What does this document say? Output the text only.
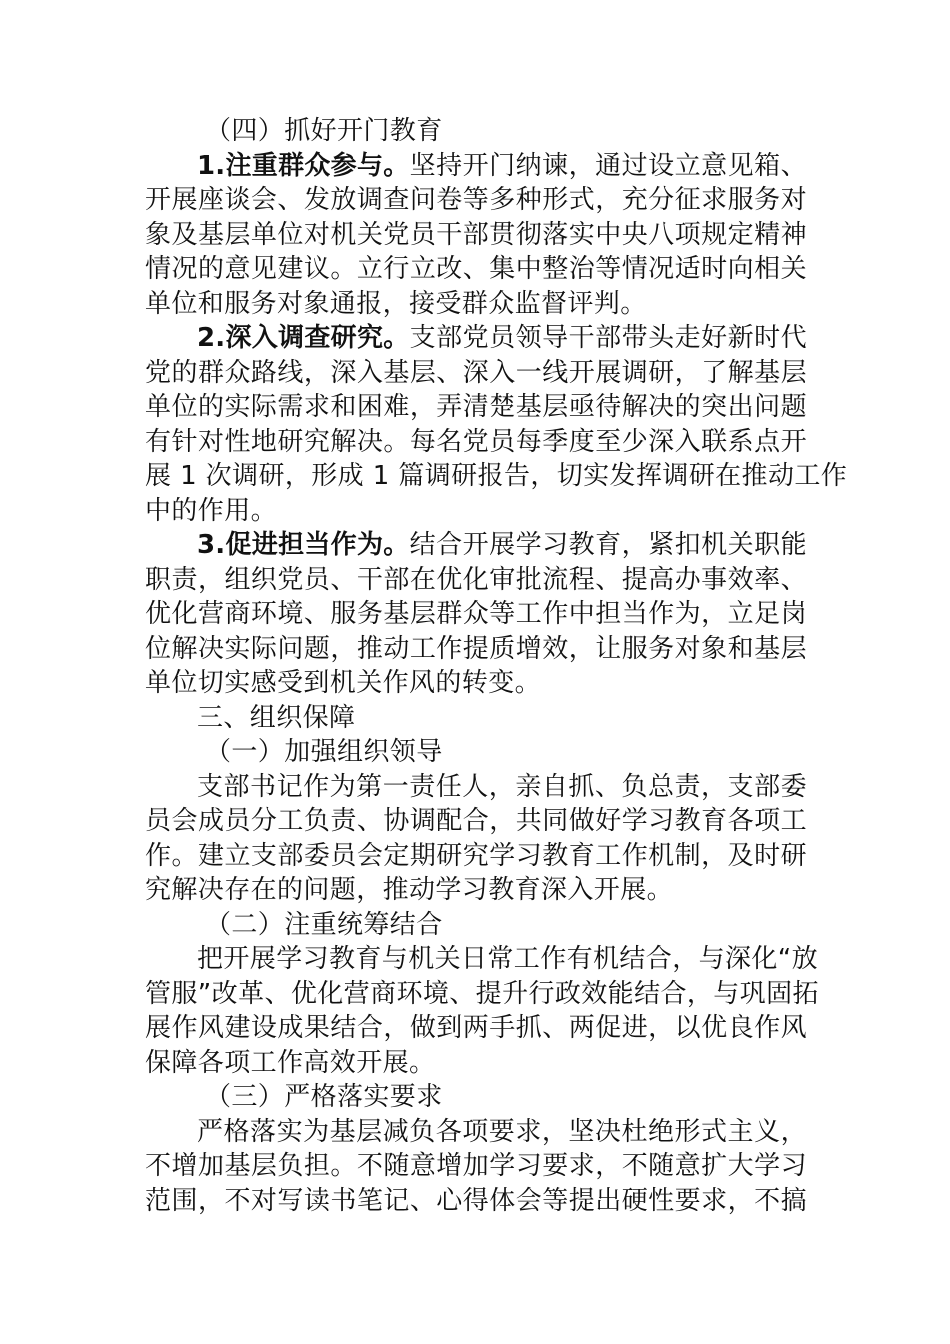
（四）抓好开门教育
1.注重群众参与。坚持开门纳谏，通过设立意见箱、
开展座谈会、发放调查问卷等多种形式，充分征求服务对
象及基层单位对机关党员干部贯彻落实中央八项规定精神
情况的意见建议。立行立改、集中整治等情况适时向相关
单位和服务对象通报，接受群众监督评判。
2.深入调查研究。支部党员领导干部带头走好新时代
党的群众路线，深入基层、深入一线开展调研，了解基层
单位的实际需求和困难，弄清楚基层亟待解决的突出问题
有针对性地研究解决。每名党员每季度至少深入联系点开
展 1 次调研，形成 1 篇调研报告，切实发挥调研在推动工作
中的作用。
3.促进担当作为。结合开展学习教育，紧扣机关职能
职责，组织党员、干部在优化审批流程、提高办事效率、
优化营商环境、服务基层群众等工作中担当作为，立足岗
位解决实际问题，推动工作提质增效，让服务对象和基层
单位切实感受到机关作风的转变。
三、组织保障
（一）加强组织领导
支部书记作为第一责任人，亲自抓、负总责，支部委
员会成员分工负责、协调配合，共同做好学习教育各项工
作。建立支部委员会定期研究学习教育工作机制，及时研
究解决存在的问题，推动学习教育深入开展。
（二）注重统筹结合
把开展学习教育与机关日常工作有机结合，与深化“放
管服”改革、优化营商环境、提升行政效能结合，与巩固拓
展作风建设成果结合，做到两手抓、两促进，以优良作风
保障各项工作高效开展。
（三）严格落实要求
严格落实为基层减负各项要求，坚决杜绝形式主义，
不增加基层负担。不随意增加学习要求，不随意扩大学习
范围，不对写读书笔记、心得体会等提出硬性要求，不搞
